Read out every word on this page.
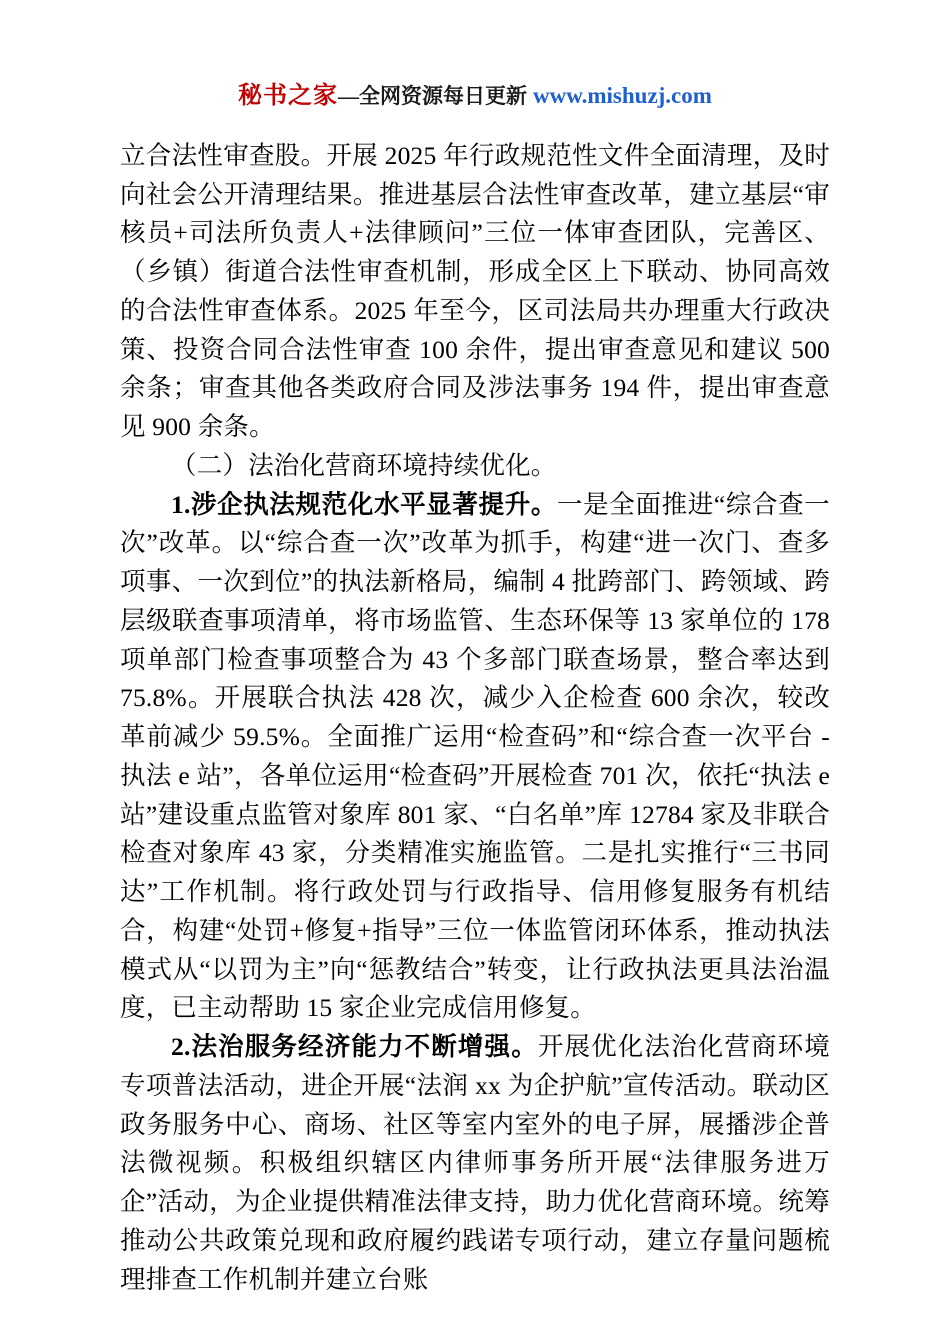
秘书之家—全网资源每日更新 www.mishuzj.com

立合法性审查股。开展 2025 年行政规范性文件全面清理，及时向社会公开清理结果。推进基层合法性审查改革，建立基层“审核员+司法所负责人+法律顾问”三位一体审查团队，完善区、（乡镇）街道合法性审查机制，形成全区上下联动、协同高效的合法性审查体系。2025 年至今，区司法局共办理重大行政决策、投资合同合法性审查 100 余件，提出审查意见和建议 500 余条；审查其他各类政府合同及涉法事务 194 件，提出审查意见 900 余条。

（二）法治化营商环境持续优化。

1.涉企执法规范化水平显著提升。一是全面推进“综合查一次”改革。以“综合查一次”改革为抓手，构建“进一次门、查多项事、一次到位”的执法新格局，编制 4 批跨部门、跨领域、跨层级联查事项清单，将市场监管、生态环保等 13 家单位的 178 项单部门检查事项整合为 43 个多部门联查场景，整合率达到 75.8%。开展联合执法 428 次，减少入企检查 600 余次，较改革前减少 59.5%。全面推广运用“检查码”和“综合查一次平台 - 执法 e 站”，各单位运用“检查码”开展检查 701 次，依托“执法 e 站”建设重点监管对象库 801 家、“白名单”库 12784 家及非联合检查对象库 43 家，分类精准实施监管。二是扎实推行“三书同达”工作机制。将行政处罚与行政指导、信用修复服务有机结合，构建“处罚+修复+指导”三位一体监管闭环体系，推动执法模式从“以罚为主”向“惩教结合”转变，让行政执法更具法治温度，已主动帮助 15 家企业完成信用修复。

2.法治服务经济能力不断增强。开展优化法治化营商环境专项普法活动，进企开展“法润 xx 为企护航”宣传活动。联动区政务服务中心、商场、社区等室内室外的电子屏，展播涉企普法微视频。积极组织辖区内律师事务所开展“法律服务进万企”活动，为企业提供精准法律支持，助力优化营商环境。统筹推动公共政策兑现和政府履约践诺专项行动，建立存量问题梳理排查工作机制并建立台账
